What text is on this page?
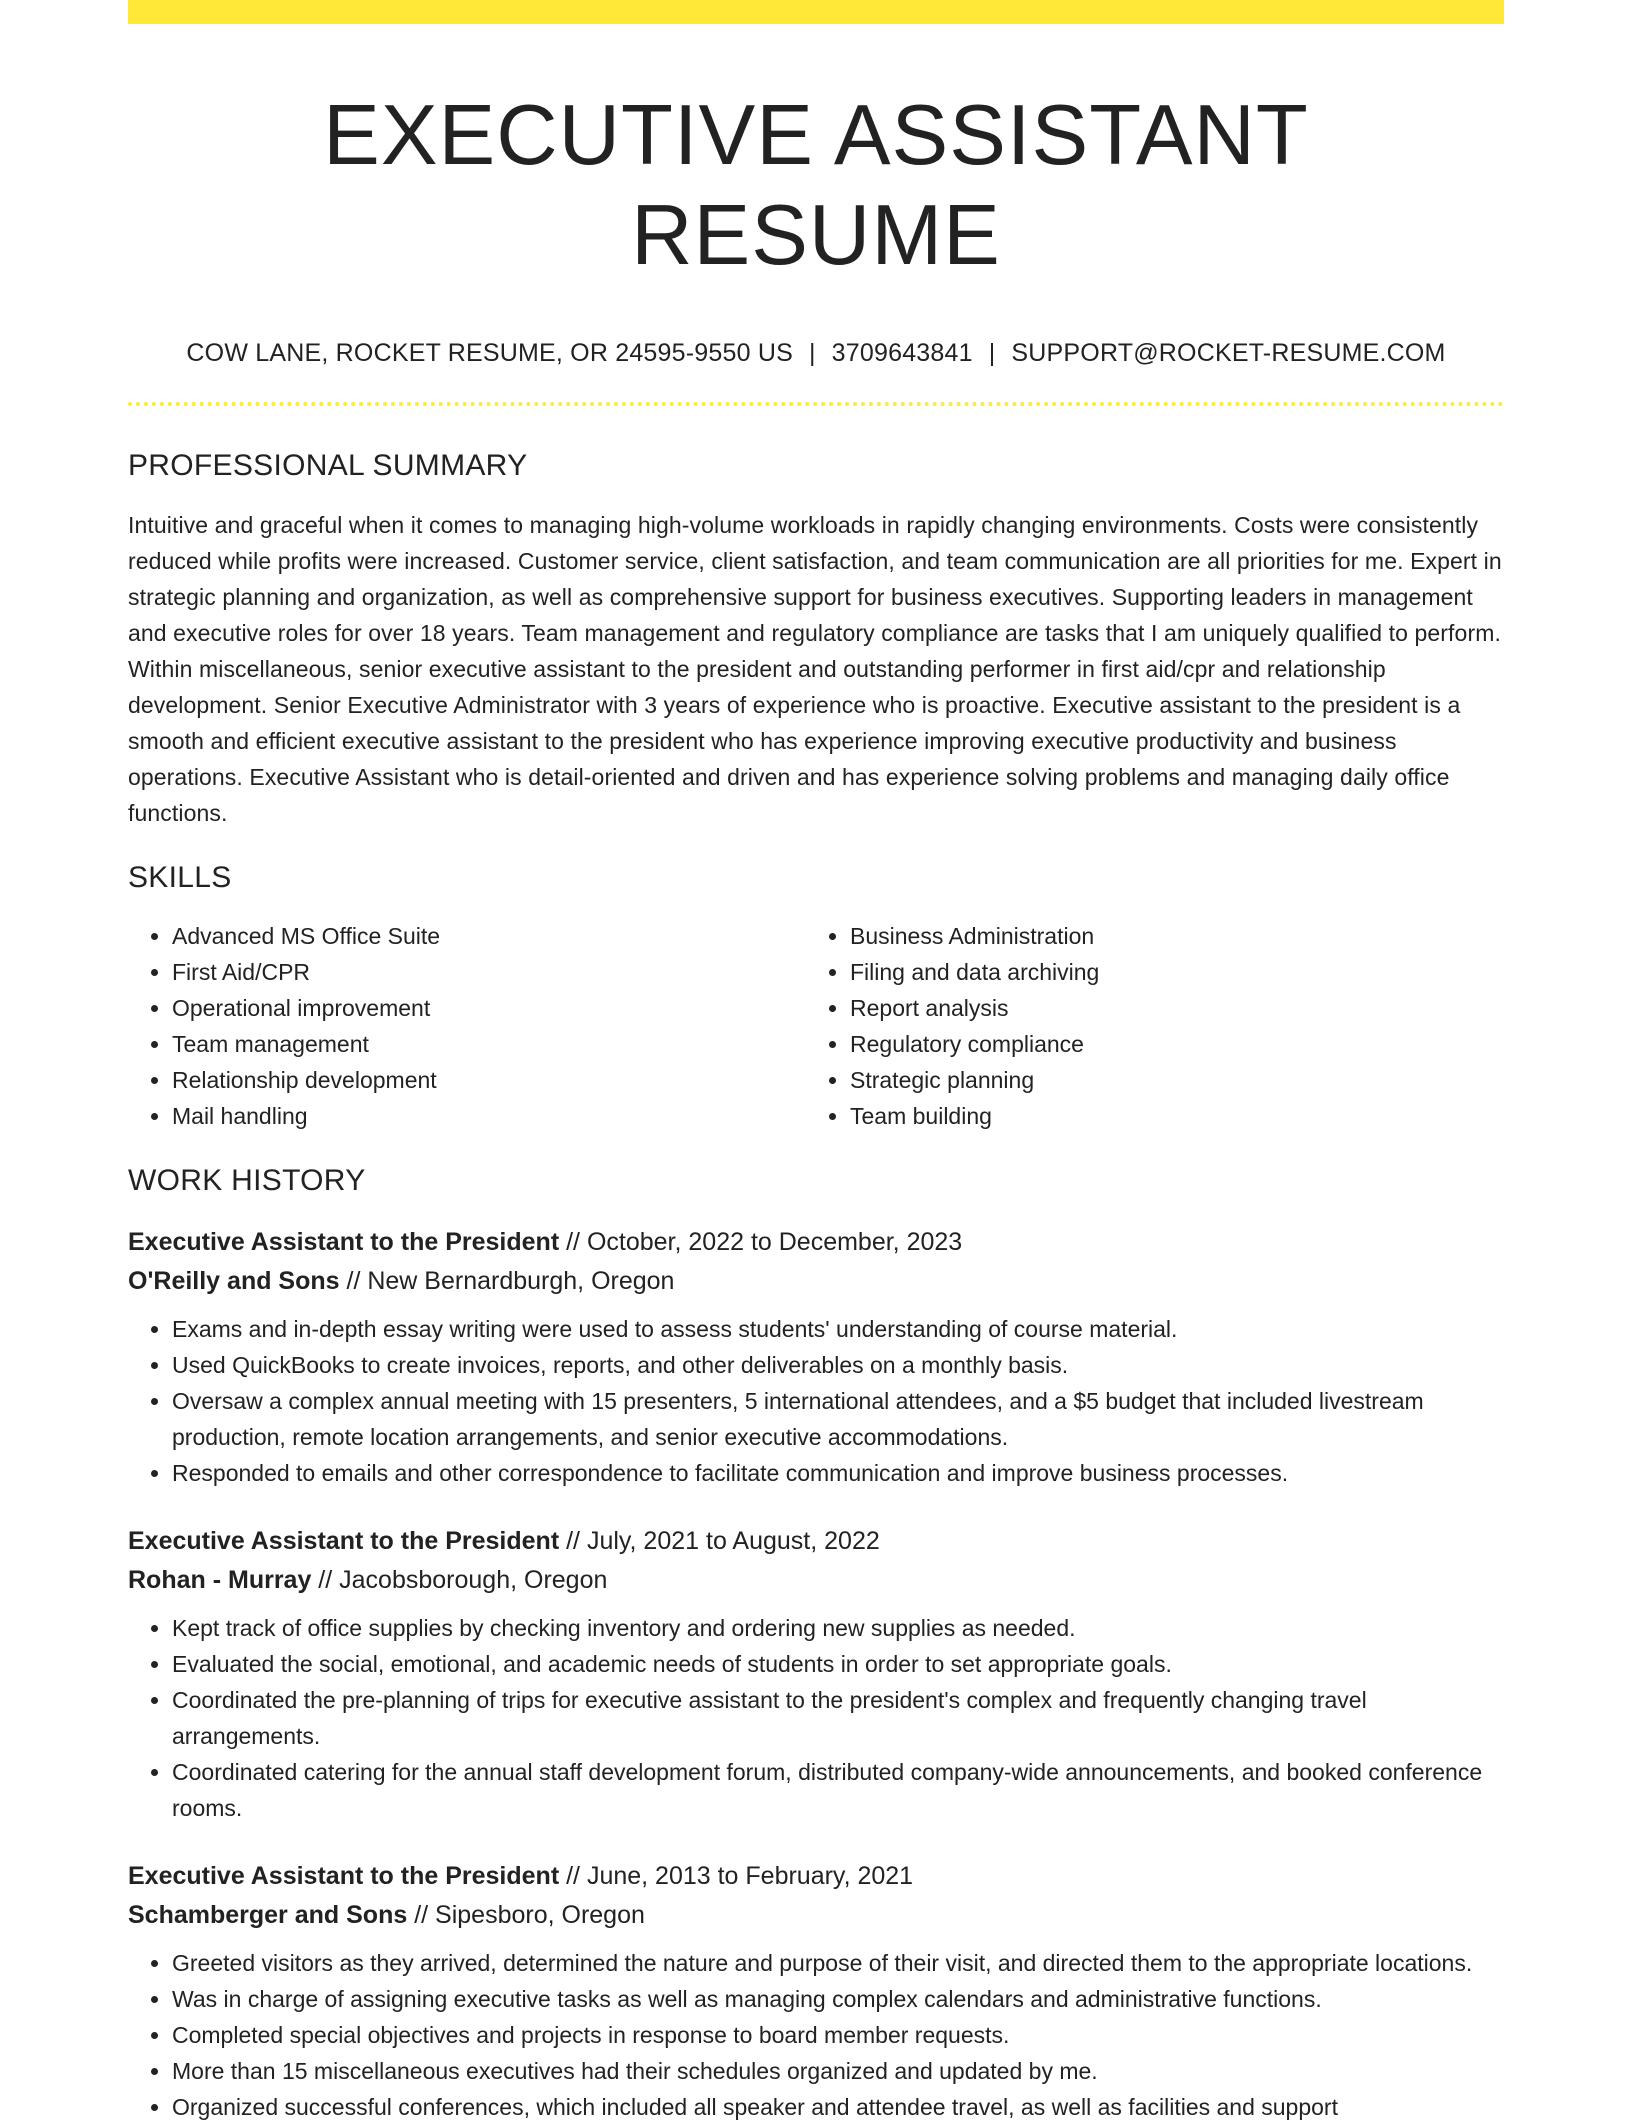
EXECUTIVE ASSISTANT RESUME
COW LANE, ROCKET RESUME, OR 24595-9550 US | 3709643841 | SUPPORT@ROCKET-RESUME.COM
PROFESSIONAL SUMMARY
Intuitive and graceful when it comes to managing high-volume workloads in rapidly changing environments. Costs were consistently reduced while profits were increased. Customer service, client satisfaction, and team communication are all priorities for me. Expert in strategic planning and organization, as well as comprehensive support for business executives. Supporting leaders in management and executive roles for over 18 years. Team management and regulatory compliance are tasks that I am uniquely qualified to perform. Within miscellaneous, senior executive assistant to the president and outstanding performer in first aid/cpr and relationship development. Senior Executive Administrator with 3 years of experience who is proactive. Executive assistant to the president is a smooth and efficient executive assistant to the president who has experience improving executive productivity and business operations. Executive Assistant who is detail-oriented and driven and has experience solving problems and managing daily office functions.
SKILLS
• Advanced MS Office Suite
• First Aid/CPR
• Operational improvement
• Team management
• Relationship development
• Mail handling
• Business Administration
• Filing and data archiving
• Report analysis
• Regulatory compliance
• Strategic planning
• Team building
WORK HISTORY
Executive Assistant to the President // October, 2022 to December, 2023
O'Reilly and Sons // New Bernardburgh, Oregon
• Exams and in-depth essay writing were used to assess students' understanding of course material.
• Used QuickBooks to create invoices, reports, and other deliverables on a monthly basis.
• Oversaw a complex annual meeting with 15 presenters, 5 international attendees, and a $5 budget that included livestream production, remote location arrangements, and senior executive accommodations.
• Responded to emails and other correspondence to facilitate communication and improve business processes.
Executive Assistant to the President // July, 2021 to August, 2022
Rohan - Murray // Jacobsborough, Oregon
• Kept track of office supplies by checking inventory and ordering new supplies as needed.
• Evaluated the social, emotional, and academic needs of students in order to set appropriate goals.
• Coordinated the pre-planning of trips for executive assistant to the president's complex and frequently changing travel arrangements.
• Coordinated catering for the annual staff development forum, distributed company-wide announcements, and booked conference rooms.
Executive Assistant to the President // June, 2013 to February, 2021
Schamberger and Sons // Sipesboro, Oregon
• Greeted visitors as they arrived, determined the nature and purpose of their visit, and directed them to the appropriate locations.
• Was in charge of assigning executive tasks as well as managing complex calendars and administrative functions.
• Completed special objectives and projects in response to board member requests.
• More than 15 miscellaneous executives had their schedules organized and updated by me.
• Organized successful conferences, which included all speaker and attendee travel, as well as facilities and support
